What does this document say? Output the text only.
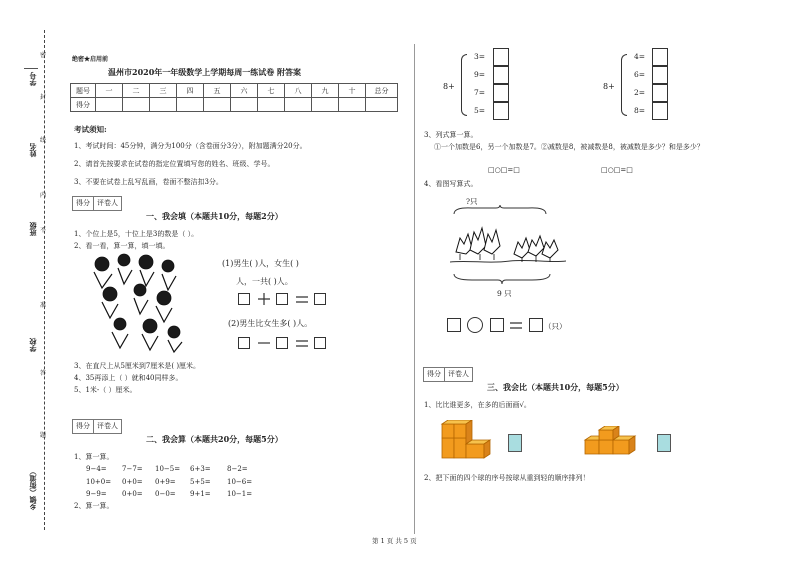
学号
姓名
班级
学校
乡镇（街道）
密
封
线
内
不
准
答
题
绝密★启用前
温州市2020年一年级数学上学期每周一练试卷 附答案
题号	一	二	三	四	五	六	七	八	九	十	总分
得分											
考试须知:
1、考试时间：45分钟，满分为100分（含卷面分3分），附加题满分20分。
2、请首先按要求在试卷的指定位置填写您的姓名、班级、学号。
3、不要在试卷上乱写乱画，卷面不整洁扣3分。
得分 评卷人
一、我会填（本题共10分，每题2分）
1、个位上是5，十位上是3的数是（ ）。
2、看一看，算一算，填一填。
(1)男生( )人，女生( )
人，一共( )人。
(2)男生比女生多( )人。
3、在直尺上从5厘米到7厘米是( )厘米。
4、35再添上（ ）就和40同样多。
5、1米-（ ）厘米。
得分 评卷人
二、我会算（本题共20分，每题5分）
1、算一算。
9−4= 7−7= 10−5= 6+3= 8−2=
10+0= 0+0= 0+9= 5+5= 10−6=
9−9= 0+0= 0−0= 9+1= 10−1=
2、算一算。
8+
3=
9=
7=
5=
8+
4=
6=
2=
8=
3、列式算一算。
①一个加数是6，另一个加数是7。②减数是8，被减数是8，被减数是多少？和是多少？
□○□=□	□○□=□
4、看图写算式。
?只
9 只
（只）
得分 评卷人
三、我会比（本题共10分，每题5分）
1、比比谁更多，在多的后面画√。
2、把下面的四个球的序号按球从重到轻的顺序排列！
第 1 页 共 5 页
